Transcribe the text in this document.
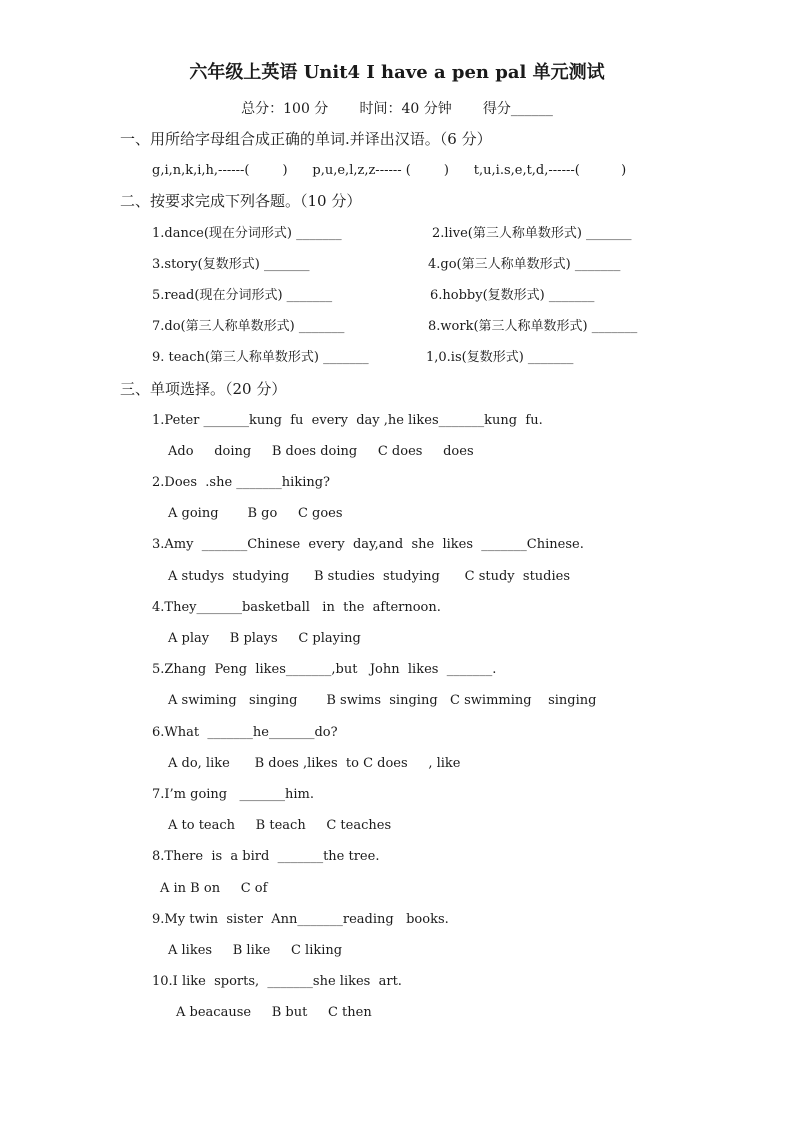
六年级上英语 Unit4 I have a pen pal 单元测试
总分：100 分       时间：40 分钟       得分______
一、用所给字母组合成正确的单词.并译出汉语。（6 分）
g,i,n,k,i,h,------(        )      p,u,e,l,z,z------ (        )      t,u,i.s,e,t,d,------(          )
二、按要求完成下列各题。（10 分）
1.dance(现在分词形式) _______	2.live(第三人称单数形式) _______
3.story(复数形式) _______	4.go(第三人称单数形式) _______
5.read(现在分词形式) _______	6.hobby(复数形式) _______
7.do(第三人称单数形式) _______	8.work(第三人称单数形式) _______
9. teach(第三人称单数形式) _______	1,0.is(复数形式) _______
三、单项选择。（20 分）
1.Peter _______kung  fu  every  day ,he likes_______kung  fu.
Ado     doing     B does doing     C does     does
2.Does  .she _______hiking?
A going       B go     C goes
3.Amy  _______Chinese  every  day,and  she  likes  _______Chinese.
A studys  studying      B studies  studying      C study  studies
4.They_______basketball   in  the  afternoon.
A play     B plays     C playing
5.Zhang  Peng  likes_______,but   John  likes  _______.
A swiming   singing       B swims  singing   C swimming    singing
6.What  _______he_______do?
A do, like      B does ,likes  to C does     , like
7.I’m going   _______him.
A to teach     B teach     C teaches
8.There  is  a bird  _______the tree.
A in B on     C of
9.My twin  sister  Ann_______reading   books.
A likes     B like     C liking
10.I like  sports,  _______she likes  art.
A beacause     B but     C then
